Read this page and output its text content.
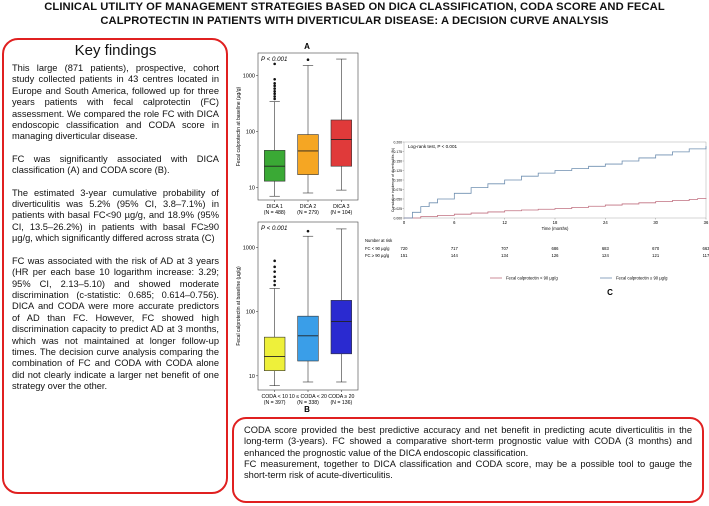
CLINICAL UTILITY OF MANAGEMENT STRATEGIES BASED ON DICA CLASSIFICATION, CODA SCORE AND FECAL
CALPROTECTIN IN PATIENTS WITH DIVERTICULAR DISEASE: A DECISION CURVE ANALYSIS
Key findings

This large (871 patients), prospective, cohort study collected patients in 43 centres located in Europe and South America, followed up for three years patients with fecal calprotectin (FC) assessment. We compared the role FC with DICA endoscopic classification and CODA score in managing diverticular disease.

FC was significantly associated with DICA classification (A) and CODA score (B).

The estimated 3-year cumulative probability of diverticulitis was 5.2% (95% CI, 3.8–7.1%) in patients with basal FC<90 µg/g, and 18.9% (95% CI, 13.5–26.2%) in patients with basal FC≥90 µg/g, which significantly differed across strata (C)

FC was associated with the risk of AD at 3 years (HR per each base 10 logarithm increase: 3.29; 95% CI, 2.13–5.10) and showed moderate discrimination (c-statistic: 0.685; 0.614–0.756). DICA and CODA were more accurate predictors of AD than FC. However, FC showed high discrimination capacity to predict AD at 3 months, which was not maintained at longer follow-up times. The decision curve analysis comparing the combination of FC and CODA with CODA alone did not clearly indicate a larger net benefit of one strategy over the other.

A
P < 0.001
Fecal calprotectin at baseline (µg/g)
10
100
1000
DICA 1
(N = 488)
DICA 2
(N = 279)
DICA 3
(N = 104)
P < 0.001
Fecal calprotectin at baseline (µg/g)
10
100
1000
CODA < 10
(N = 397)
10 ≤ CODA < 20
(N = 338)
CODA ≥ 20
(N = 136)
B
Log-rank test, P < 0.001
Cumulative incidence of diverticulitis (%)
0.000
0.025
0.050
0.075
0.100
0.125
0.150
0.175
0.200
0	6	12	18	24	30	36
Time (months)
Number at risk
FC < 90 µg/g	720	717	707	686	683	670	663
FC ≥ 90 µg/g	151	144	134	126	124	121	117
Fecal calprotectin < 90 µg/g	Fecal calprotectin ≥ 90 µg/g
C

CODA score provided the best predictive accuracy and net benefit in predicting acute diverticulitis in the long-term (3-years). FC showed a comparative short-term prognostic value with CODA (3 months) and enhanced the prognostic value of the DICA endoscopic classification.

FC measurement, together to DICA classification and CODA score, may be a possible tool to gauge the short-term risk of acute-diverticulitis.
